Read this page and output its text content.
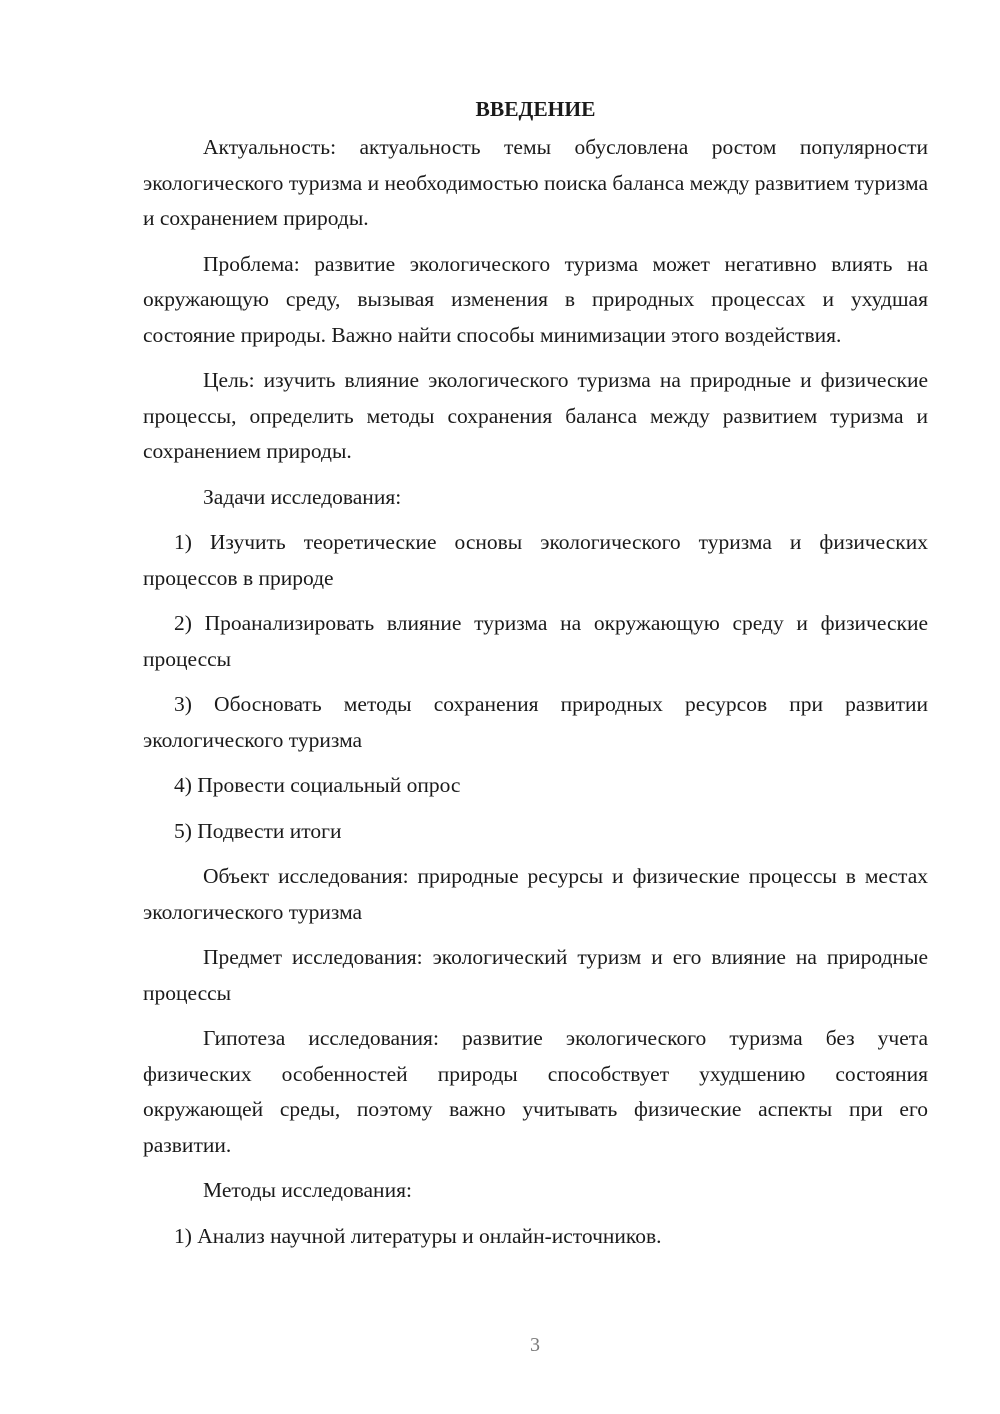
ВВЕДЕНИЕ

Актуальность: актуальность темы обусловлена ростом популярности экологического туризма и необходимостью поиска баланса между развитием туризма и сохранением природы.

Проблема: развитие экологического туризма может негативно влиять на окружающую среду, вызывая изменения в природных процессах и ухудшая состояние природы. Важно найти способы минимизации этого воздействия.

Цель: изучить влияние экологического туризма на природные и физические процессы, определить методы сохранения баланса между развитием туризма и сохранением природы.

Задачи исследования:

1) Изучить теоретические основы экологического туризма и физических процессов в природе

2) Проанализировать влияние туризма на окружающую среду и физические процессы

3) Обосновать методы сохранения природных ресурсов при развитии экологического туризма

4) Провести социальный опрос

5) Подвести итоги

Объект исследования: природные ресурсы и физические процессы в местах экологического туризма

Предмет исследования: экологический туризм и его влияние на природные процессы

Гипотеза исследования: развитие экологического туризма без учета физических особенностей природы способствует ухудшению состояния окружающей среды, поэтому важно учитывать физические аспекты при его развитии.

Методы исследования:

1) Анализ научной литературы и онлайн-источников.

3
